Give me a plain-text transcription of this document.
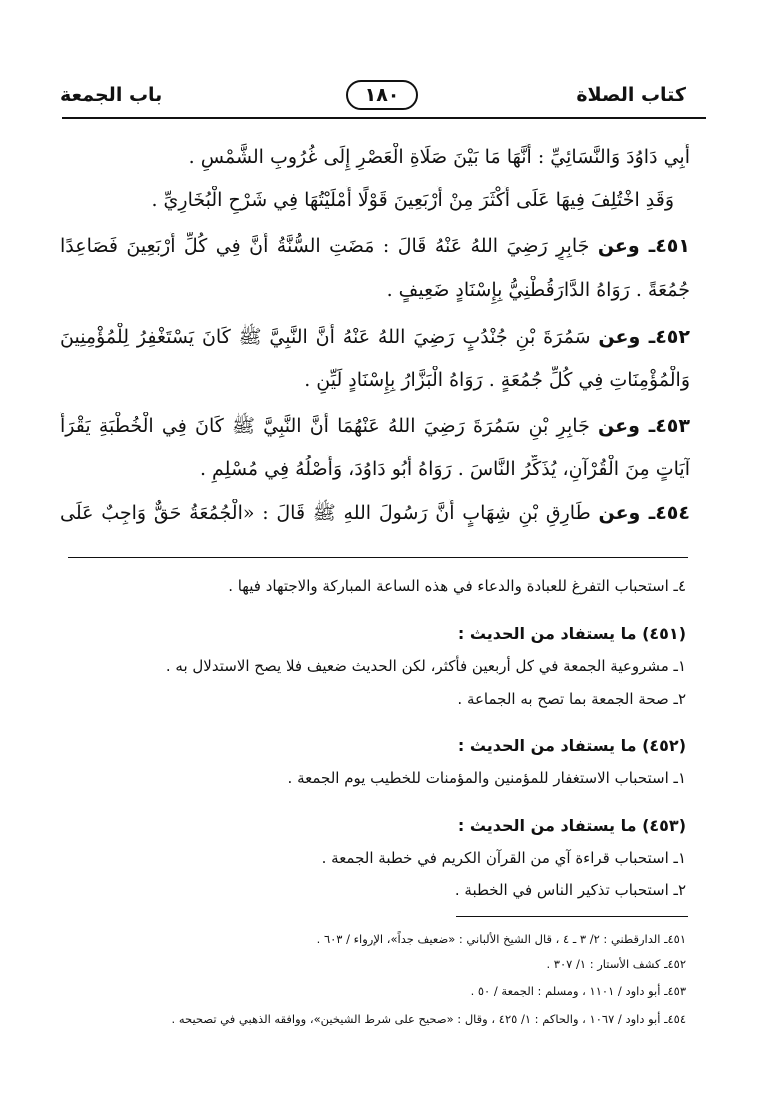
كتاب الصلاة
١٨٠
باب الجمعة
أَبِي دَاوُدَ وَالنَّسَائِيِّ : أَنَّهَا مَا بَيْنَ صَلَاةِ الْعَصْرِ إِلَى غُرُوبِ الشَّمْسِ .
وَقَدِ اخْتُلِفَ فِيهَا عَلَى أَكْثَرَ مِنْ أَرْبَعِينَ قَوْلًا أَمْلَيْتُهَا فِي شَرْحِ الْبُخَارِيِّ .
٤٥١ـ وعن جَابِرٍ رَضِيَ اللهُ عَنْهُ قَالَ : مَضَتِ السُّنَّةُ أَنَّ فِي كُلِّ أَرْبَعِينَ فَصَاعِدًا
جُمُعَةً . رَوَاهُ الدَّارَقُطْنِيُّ بِإِسْنَادٍ ضَعِيفٍ .
٤٥٢ـ وعن سَمُرَةَ بْنِ جُنْدُبٍ رَضِيَ اللهُ عَنْهُ أَنَّ النَّبِيَّ ﷺ كَانَ يَسْتَغْفِرُ لِلْمُؤْمِنِينَ
وَالْمُؤْمِنَاتِ فِي كُلِّ جُمُعَةٍ . رَوَاهُ الْبَزَّارُ بِإِسْنَادٍ لَيِّنٍ .
٤٥٣ـ وعن جَابِرِ بْنِ سَمُرَةَ رَضِيَ اللهُ عَنْهُمَا أَنَّ النَّبِيَّ ﷺ كَانَ فِي الْخُطْبَةِ يَقْرَأُ
آيَاتٍ مِنَ الْقُرْآنِ، يُذَكِّرُ النَّاسَ . رَوَاهُ أَبُو دَاوُدَ، وَأَصْلُهُ فِي مُسْلِمٍ .
٤٥٤ـ وعن طَارِقِ بْنِ شِهَابٍ أَنَّ رَسُولَ اللهِ ﷺ قَالَ : «الْجُمُعَةُ حَقٌّ وَاجِبٌ عَلَى
٤ـ استحباب التفرغ للعبادة والدعاء في هذه الساعة المباركة والاجتهاد فيها .
(٤٥١) ما يستفاد من الحديث :
١ـ مشروعية الجمعة في كل أربعين فأكثر، لكن الحديث ضعيف فلا يصح الاستدلال به .
٢ـ صحة الجمعة بما تصح به الجماعة .
(٤٥٢) ما يستفاد من الحديث :
١ـ استحباب الاستغفار للمؤمنين والمؤمنات للخطيب يوم الجمعة .
(٤٥٣) ما يستفاد من الحديث :
١ـ استحباب قراءة آي من القرآن الكريم في خطبة الجمعة .
٢ـ استحباب تذكير الناس في الخطبة .
٤٥١ـ الدارقطني : ٢/ ٣ ـ ٤ ، قال الشيخ الألباني : «ضعيف جداً»، الإرواء / ٦٠٣ .
٤٥٢ـ كشف الأستار : ١/ ٣٠٧ .
٤٥٣ـ أبو داود / ١١٠١ ، ومسلم : الجمعة / ٥٠ .
٤٥٤ـ أبو داود / ١٠٦٧ ، والحاكم : ١/ ٤٢٥ ، وقال : «صحيح على شرط الشيخين»، ووافقه الذهبي في تصحيحه .
